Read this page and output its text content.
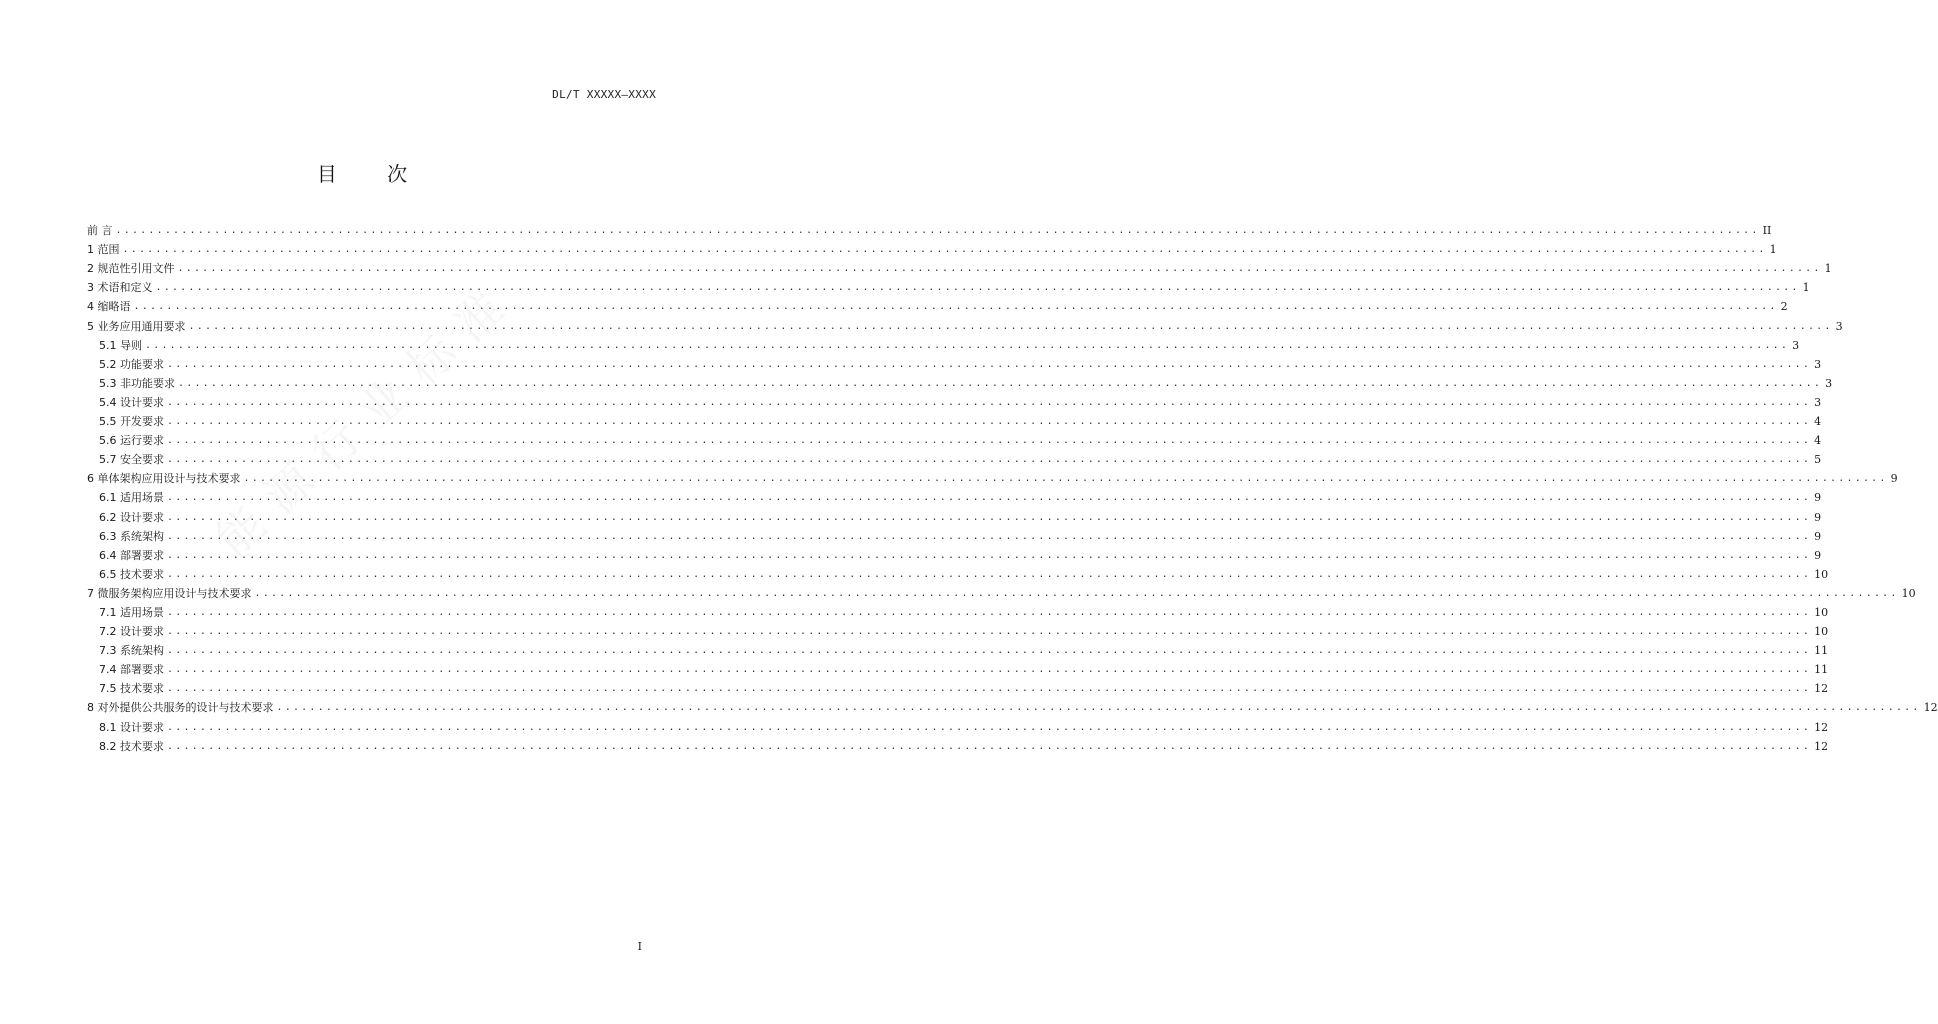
DL/T XXXXX—XXXX
目 次
前 言 ........................................................................................................................................................................................................ II
1 范围 ........................................................................................................................................................................................................ 1
2 规范性引用文件 ........................................................................................................................................................................................................ 1
3 术语和定义 ........................................................................................................................................................................................................ 1
4 缩略语 ........................................................................................................................................................................................................ 2
5 业务应用通用要求 ........................................................................................................................................................................................................ 3
5.1 导则 ........................................................................................................................................................................................................ 3
5.2 功能要求 ........................................................................................................................................................................................................ 3
5.3 非功能要求 ........................................................................................................................................................................................................ 3
5.4 设计要求 ........................................................................................................................................................................................................ 3
5.5 开发要求 ........................................................................................................................................................................................................ 4
5.6 运行要求 ........................................................................................................................................................................................................ 4
5.7 安全要求 ........................................................................................................................................................................................................ 5
6 单体架构应用设计与技术要求 ........................................................................................................................................................................................................ 9
6.1 适用场景 ........................................................................................................................................................................................................ 9
6.2 设计要求 ........................................................................................................................................................................................................ 9
6.3 系统架构 ........................................................................................................................................................................................................ 9
6.4 部署要求 ........................................................................................................................................................................................................ 9
6.5 技术要求 ........................................................................................................................................................................................................ 10
7 微服务架构应用设计与技术要求 ........................................................................................................................................................................................................ 10
7.1 适用场景 ........................................................................................................................................................................................................ 10
7.2 设计要求 ........................................................................................................................................................................................................ 10
7.3 系统架构 ........................................................................................................................................................................................................ 11
7.4 部署要求 ........................................................................................................................................................................................................ 11
7.5 技术要求 ........................................................................................................................................................................................................ 12
8 对外提供公共服务的设计与技术要求 ........................................................................................................................................................................................................ 12
8.1 设计要求 ........................................................................................................................................................................................................ 12
8.2 技术要求 ........................................................................................................................................................................................................ 12
I
